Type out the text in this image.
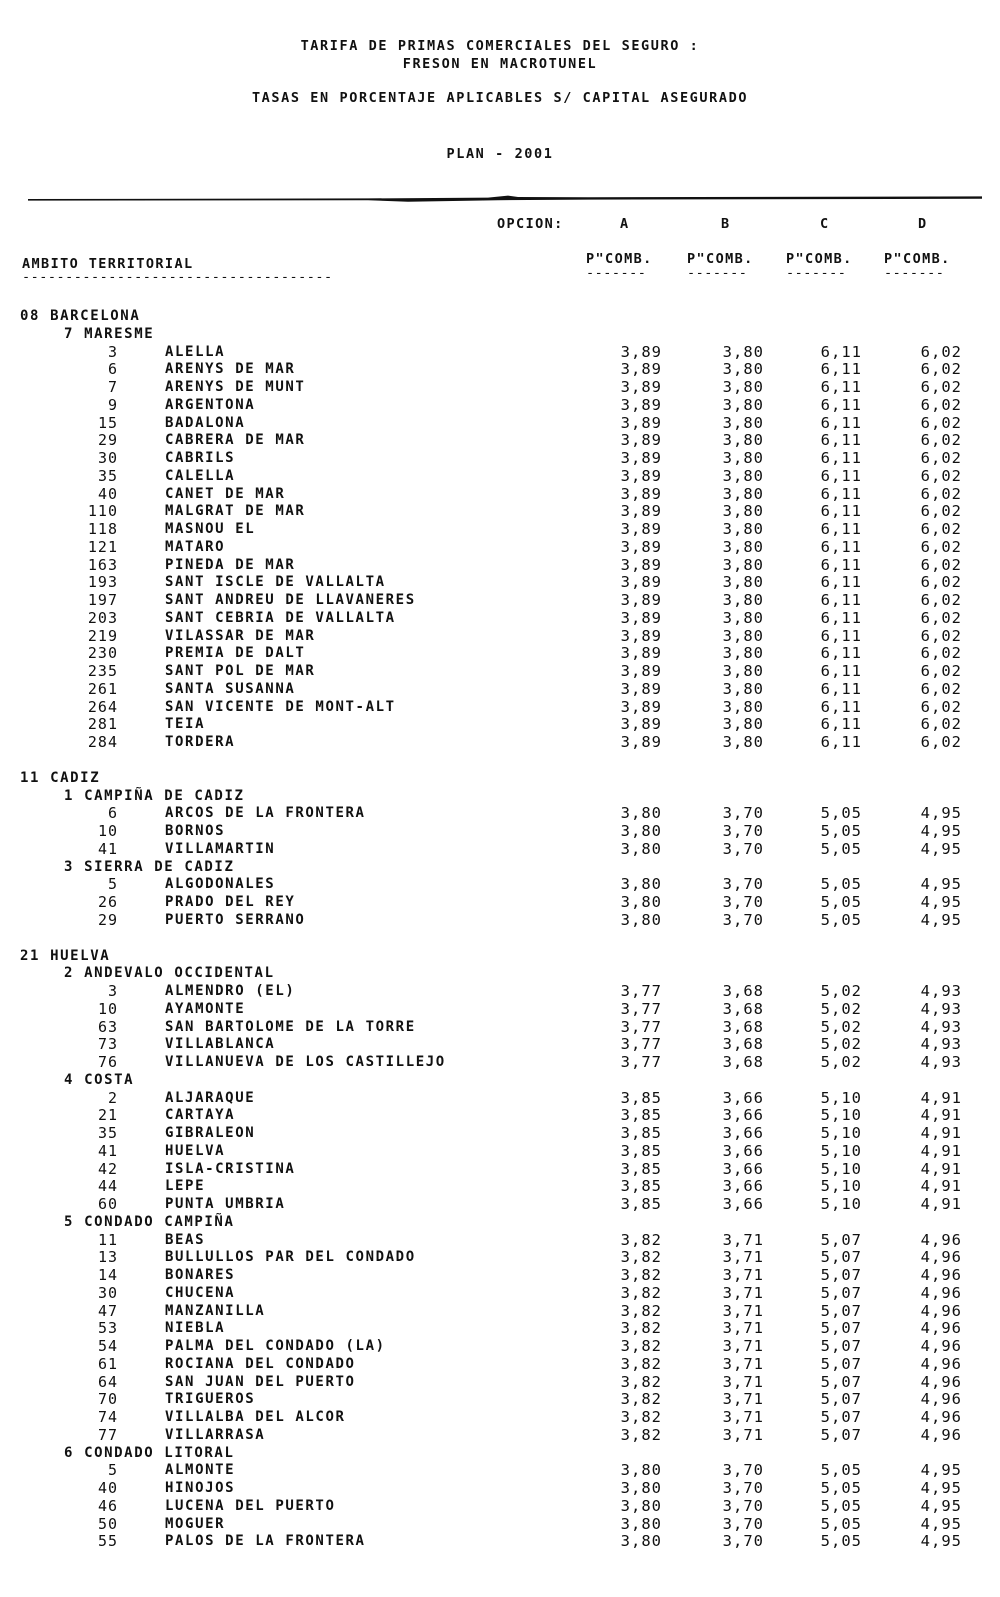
TARIFA DE PRIMAS COMERCIALES DEL SEGURO :
FRESON EN MACROTUNEL
TASAS EN PORCENTAJE APLICABLES S/ CAPITAL ASEGURADO
PLAN - 2001
OPCION:	A	B	C	D
AMBITO TERRITORIAL
------------------------------------
P"COMB.	P"COMB. P"COMB. P"COMB.
-------	-------	-------	-------
08 BARCELONA
7 MARESME
3	ALELLA	3,89	3,80	6,11	6,02
6	ARENYS DE MAR	3,89	3,80	6,11	6,02
7	ARENYS DE MUNT	3,89	3,80	6,11	6,02
9	ARGENTONA	3,89	3,80	6,11	6,02
15	BADALONA	3,89	3,80	6,11	6,02
29	CABRERA DE MAR	3,89	3,80	6,11	6,02
30	CABRILS	3,89	3,80	6,11	6,02
35	CALELLA	3,89	3,80	6,11	6,02
40	CANET DE MAR	3,89	3,80	6,11	6,02
110	MALGRAT DE MAR	3,89	3,80	6,11	6,02
118	MASNOU EL	3,89	3,80	6,11	6,02
121	MATARO	3,89	3,80	6,11	6,02
163	PINEDA DE MAR	3,89	3,80	6,11	6,02
193	SANT ISCLE DE VALLALTA	3,89	3,80	6,11	6,02
197	SANT ANDREU DE LLAVANERES	3,89	3,80	6,11	6,02
203	SANT CEBRIA DE VALLALTA	3,89	3,80	6,11	6,02
219	VILASSAR DE MAR	3,89	3,80	6,11	6,02
230	PREMIA DE DALT	3,89	3,80	6,11	6,02
235	SANT POL DE MAR	3,89	3,80	6,11	6,02
261	SANTA SUSANNA	3,89	3,80	6,11	6,02
264	SAN VICENTE DE MONT-ALT	3,89	3,80	6,11	6,02
281	TEIA	3,89	3,80	6,11	6,02
284	TORDERA	3,89	3,80	6,11	6,02
11 CADIZ
1 CAMPIÑA DE CADIZ
6	ARCOS DE LA FRONTERA	3,80	3,70	5,05	4,95
10	BORNOS	3,80	3,70	5,05	4,95
41	VILLAMARTIN	3,80	3,70	5,05	4,95
3 SIERRA DE CADIZ
5	ALGODONALES	3,80	3,70	5,05	4,95
26	PRADO DEL REY	3,80	3,70	5,05	4,95
29	PUERTO SERRANO	3,80	3,70	5,05	4,95
21 HUELVA
2 ANDEVALO OCCIDENTAL
3	ALMENDRO (EL)	3,77	3,68	5,02	4,93
10	AYAMONTE	3,77	3,68	5,02	4,93
63	SAN BARTOLOME DE LA TORRE	3,77	3,68	5,02	4,93
73	VILLABLANCA	3,77	3,68	5,02	4,93
76	VILLANUEVA DE LOS CASTILLEJO	3,77	3,68	5,02	4,93
4 COSTA
2	ALJARAQUE	3,85	3,66	5,10	4,91
21	CARTAYA	3,85	3,66	5,10	4,91
35	GIBRALEON	3,85	3,66	5,10	4,91
41	HUELVA	3,85	3,66	5,10	4,91
42	ISLA-CRISTINA	3,85	3,66	5,10	4,91
44	LEPE	3,85	3,66	5,10	4,91
60	PUNTA UMBRIA	3,85	3,66	5,10	4,91
5 CONDADO CAMPIÑA
11	BEAS	3,82	3,71	5,07	4,96
13	BULLULLOS PAR DEL CONDADO	3,82	3,71	5,07	4,96
14	BONARES	3,82	3,71	5,07	4,96
30	CHUCENA	3,82	3,71	5,07	4,96
47	MANZANILLA	3,82	3,71	5,07	4,96
53	NIEBLA	3,82	3,71	5,07	4,96
54	PALMA DEL CONDADO (LA)	3,82	3,71	5,07	4,96
61	ROCIANA DEL CONDADO	3,82	3,71	5,07	4,96
64	SAN JUAN DEL PUERTO	3,82	3,71	5,07	4,96
70	TRIGUEROS	3,82	3,71	5,07	4,96
74	VILLALBA DEL ALCOR	3,82	3,71	5,07	4,96
77	VILLARRASA	3,82	3,71	5,07	4,96
6 CONDADO LITORAL
5	ALMONTE	3,80	3,70	5,05	4,95
40	HINOJOS	3,80	3,70	5,05	4,95
46	LUCENA DEL PUERTO	3,80	3,70	5,05	4,95
50	MOGUER	3,80	3,70	5,05	4,95
55	PALOS DE LA FRONTERA	3,80	3,70	5,05	4,95
